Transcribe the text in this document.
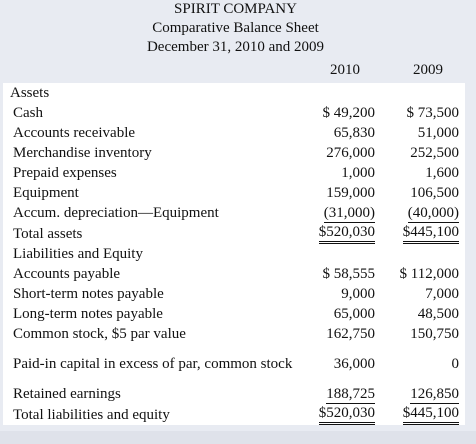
SPIRIT COMPANY
Comparative Balance Sheet
December 31, 2010 and 2009
2010	2009
Assets		
Cash	$ 49,200	$ 73,500
Accounts receivable	65,830	51,000
Merchandise inventory	276,000	252,500
Prepaid expenses	1,000	1,600
Equipment	159,000	106,500
Accum. depreciation—Equipment	(31,000)	(40,000)
Total assets	$520,030	$445,100
Liabilities and Equity		
Accounts payable	$ 58,555	$ 112,000
Short-term notes payable	9,000	7,000
Long-term notes payable	65,000	48,500
Common stock, $5 par value	162,750	150,750
Paid-in capital in excess of par, common stock	36,000	0
Retained earnings	188,725	126,850
Total liabilities and equity	$520,030	$445,100
